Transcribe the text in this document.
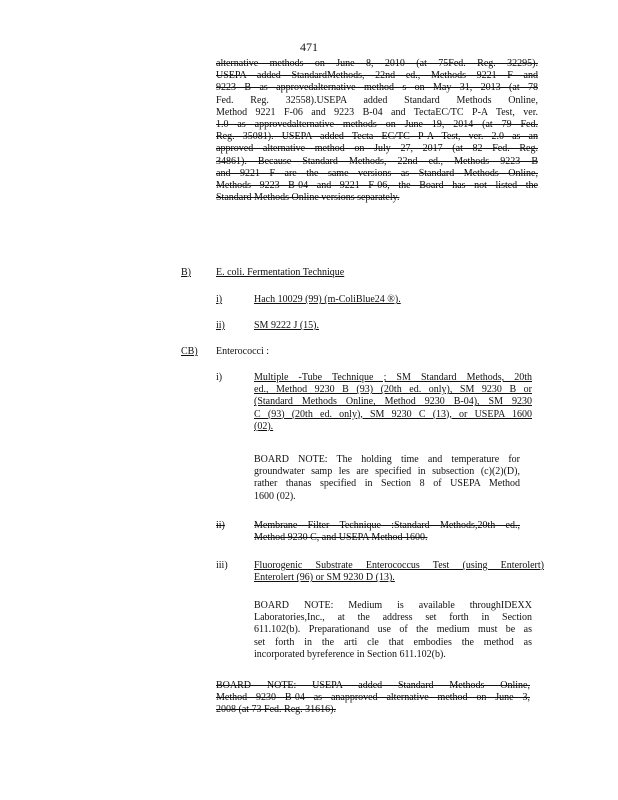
471
alternative methods on June 8, 2010 (at 75Fed. Reg. 32295).
USEPA added StandardMethods, 22nd ed., Methods 9221 F and
9223 B as approvedalternative method s on May 31, 2013 (at 78
Fed. Reg. 32558).USEPA added Standard Methods Online,
Method 9221 F-06 and 9223 B-04 and TectaEC/TC P-A Test, ver.
1.0 as approvedalternative methods on June 19, 2014 (at 79 Fed.
Reg. 35081). USEPA added Tecta EC/TC P-A Test, ver. 2.0 as an
approved alternative method on July 27, 2017 (at 82 Fed. Reg.
34861). Because Standard Methods, 22nd ed., Methods 9223 B
and 9221 F are the same versions as Standard Methods Online,
Methods 9223 B-04 and 9221 F-06, the Board has not listed the
Standard Methods Online versions separately.
B)	E. coli. Fermentation Technique
i)	Hach 10029 (99) (m-ColiBlue24 ®).
ii)	SM 9222 J (15).
CB) Enterococci :
i)	Multiple -Tube Technique ; SM Standard Methods, 20th
ed., Method 9230 B (93) (20th ed. only), SM 9230 B or
(Standard Methods Online, Method 9230 B-04), SM 9230
C (93) (20th ed. only), SM 9230 C (13), or USEPA 1600
(02).
BOARD NOTE: The holding time and temperature for
groundwater samp les are specified in subsection (c)(2)(D),
rather thanas specified in Section 8 of USEPA Method
1600 (02).
ii)	Membrane Filter Technique :Standard Methods,20th ed.,
Method 9230 C, and USEPA Method 1600.
iii)	Fluorogenic Substrate Enterococcus Test (using Enterolert)
Enterolert (96) or SM 9230 D (13).
BOARD NOTE: Medium is available throughIDEXX
Laboratories,Inc., at the address set forth in Section
611.102(b). Preparationand use of the medium must be as
set forth in the arti cle that embodies the method as
incorporated byreference in Section 611.102(b).
BOARD NOTE: USEPA added Standard Methods Online,
Method 9230 B-04 as anapproved alternative method on June 3,
2008 (at 73 Fed. Reg. 31616).
